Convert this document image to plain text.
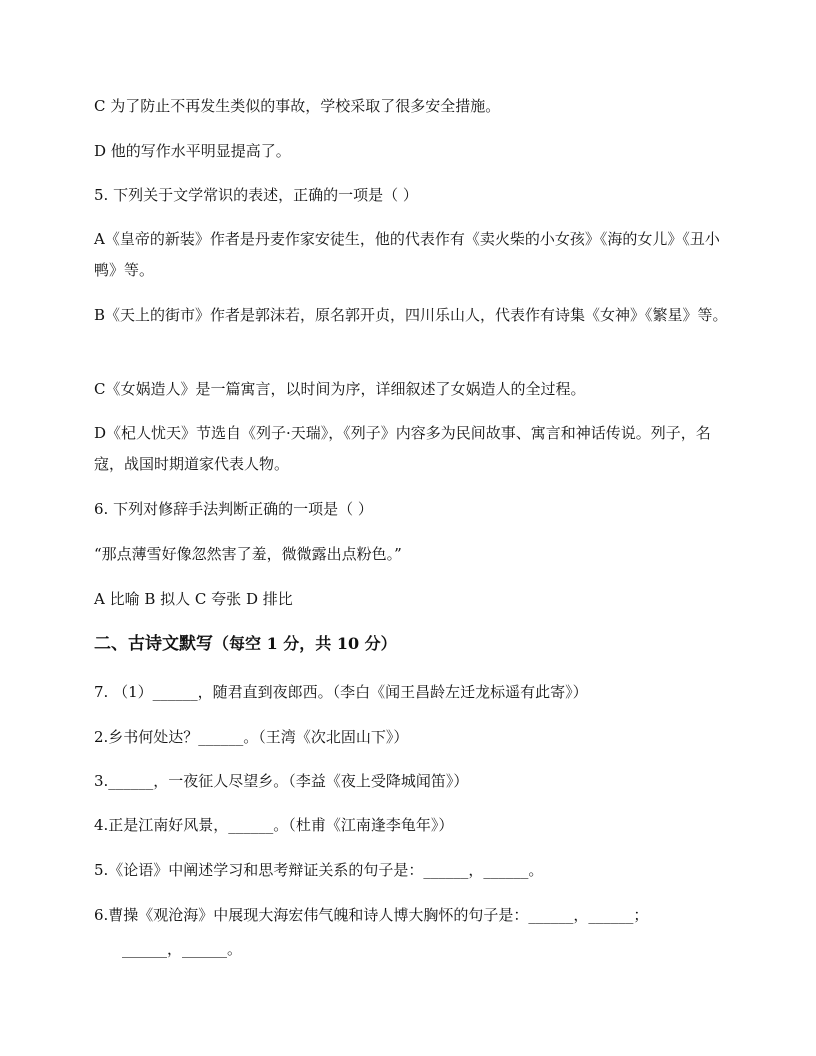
C 为了防止不再发生类似的事故，学校采取了很多安全措施。
D 他的写作水平明显提高了。
5. 下列关于文学常识的表述，正确的一项是（ ）
A《皇帝的新装》作者是丹麦作家安徒生，他的代表作有《卖火柴的小女孩》《海的女儿》《丑小鸭》等。
B《天上的街市》作者是郭沫若，原名郭开贞，四川乐山人，代表作有诗集《女神》《繁星》等。
C《女娲造人》是一篇寓言，以时间为序，详细叙述了女娲造人的全过程。
D《杞人忧天》节选自《列子·天瑞》，《列子》内容多为民间故事、寓言和神话传说。列子，名寇，战国时期道家代表人物。
6. 下列对修辞手法判断正确的一项是（ ）
“那点薄雪好像忽然害了羞，微微露出点粉色。”
A 比喻 B 拟人 C 夸张 D 排比
二、古诗文默写（每空 1 分，共 10 分）
7. （1）______，随君直到夜郎西。（李白《闻王昌龄左迁龙标遥有此寄》）
2.乡书何处达？______。（王湾《次北固山下》）
3.______，一夜征人尽望乡。（李益《夜上受降城闻笛》）
4.正是江南好风景，______。（杜甫《江南逢李龟年》）
5.《论语》中阐述学习和思考辩证关系的句子是：______，______。
6.曹操《观沧海》中展现大海宏伟气魄和诗人博大胸怀的句子是：______，______；
______，______。
